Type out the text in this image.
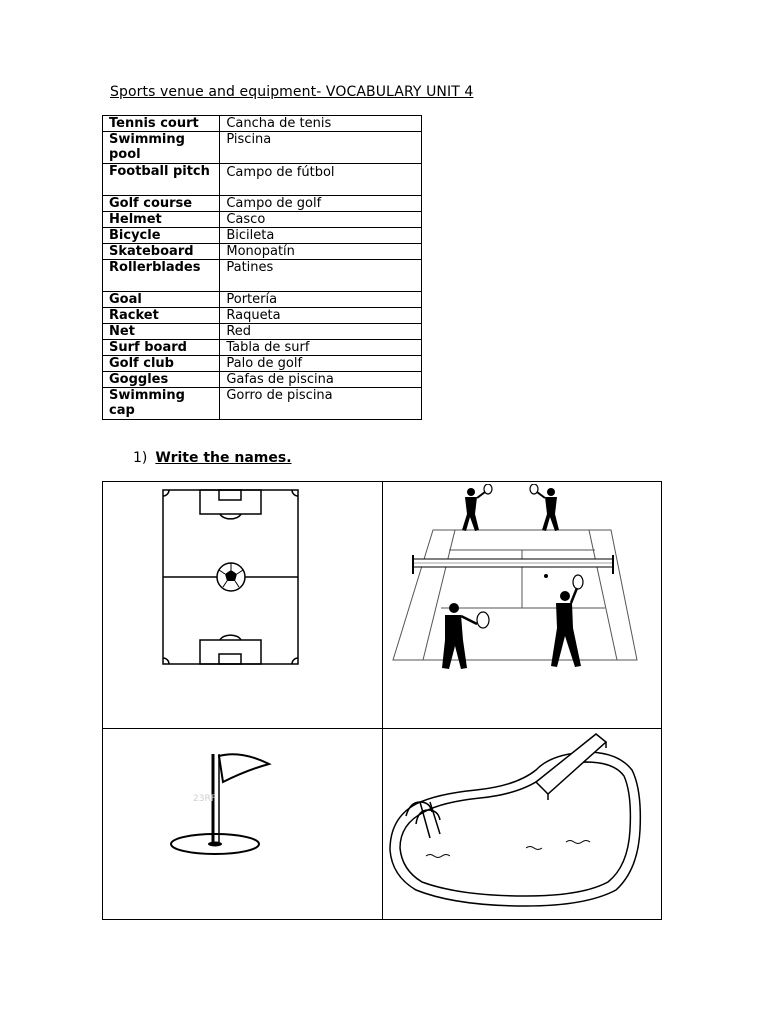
Sports venue and equipment- VOCABULARY UNIT 4
Tennis court	Cancha de tenis
Swimming pool	Piscina
Football pitch	Campo de fútbol
Golf course	Campo de golf
Helmet	Casco
Bicycle	Bicileta
Skateboard	Monopatín
Rollerblades	Patines
Goal	Portería
Racket	Raqueta
Net	Red
Surf board	Tabla de surf
Golf club	Palo de golf
Goggles	Gafas de piscina
Swimming cap	Gorro de piscina
1) Write the names.
23RF
